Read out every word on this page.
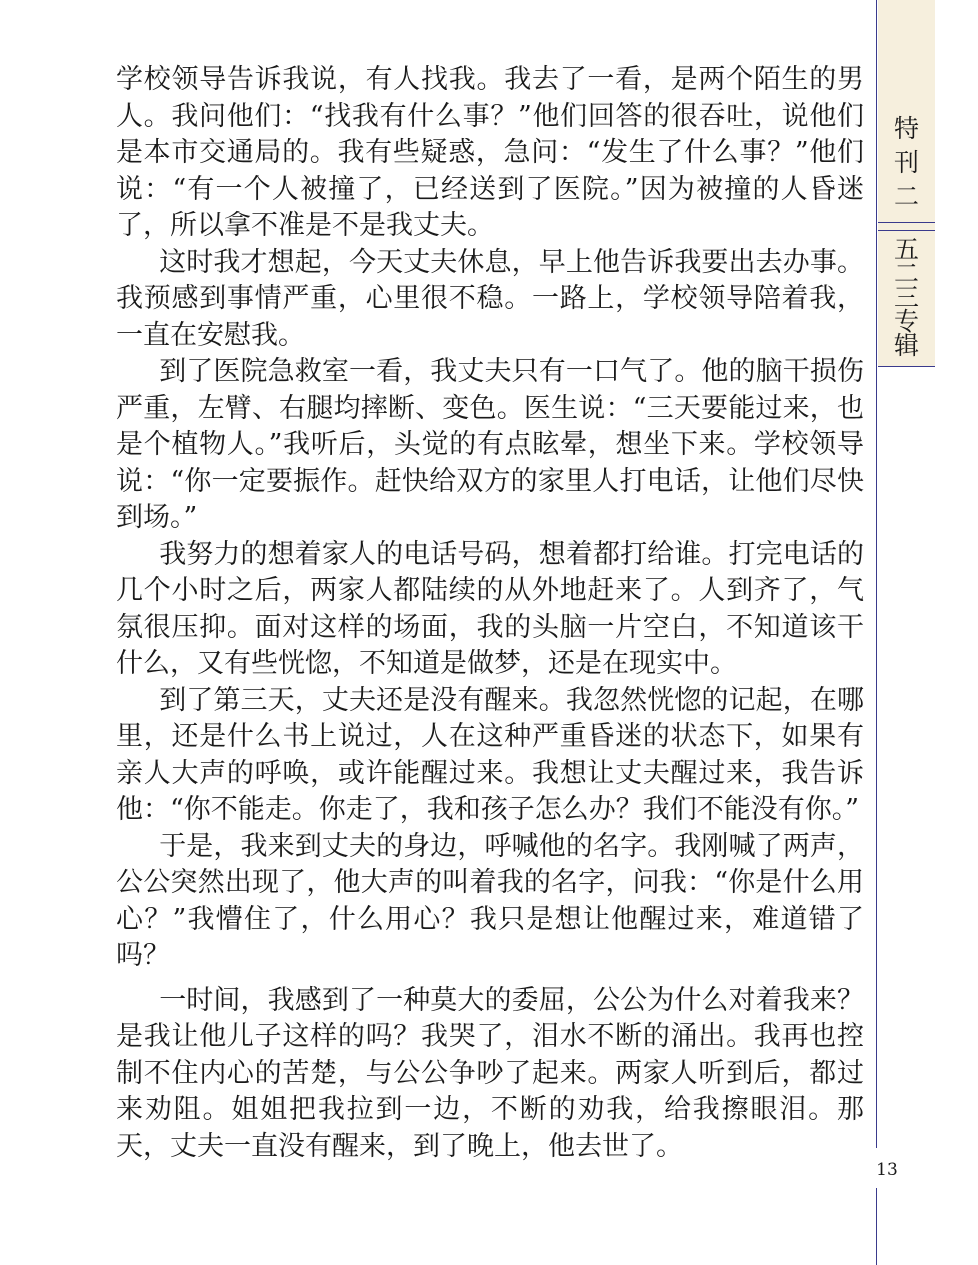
特
刊
二
五
二
三
专
辑

学校领导告诉我说，有人找我。我去了一看，是两个陌生的男人。我问他们：“找我有什么事？”他们回答的很吞吐，说他们是本市交通局的。我有些疑惑，急问：“发生了什么事？”他们说：“有一个人被撞了，已经送到了医院。”因为被撞的人昏迷了，所以拿不准是不是我丈夫。

这时我才想起，今天丈夫休息，早上他告诉我要出去办事。我预感到事情严重，心里很不稳。一路上，学校领导陪着我，一直在安慰我。

到了医院急救室一看，我丈夫只有一口气了。他的脑干损伤严重，左臂、右腿均摔断、变色。医生说：“三天要能过来，也是个植物人。”我听后，头觉的有点眩晕，想坐下来。学校领导说：“你一定要振作。赶快给双方的家里人打电话，让他们尽快到场。”

我努力的想着家人的电话号码，想着都打给谁。打完电话的几个小时之后，两家人都陆续的从外地赶来了。人到齐了，气氛很压抑。面对这样的场面，我的头脑一片空白，不知道该干什么，又有些恍惚，不知道是做梦，还是在现实中。

到了第三天，丈夫还是没有醒来。我忽然恍惚的记起，在哪里，还是什么书上说过，人在这种严重昏迷的状态下，如果有亲人大声的呼唤，或许能醒过来。我想让丈夫醒过来，我告诉他：“你不能走。你走了，我和孩子怎么办？我们不能没有你。”

于是，我来到丈夫的身边，呼喊他的名字。我刚喊了两声，公公突然出现了，他大声的叫着我的名字，问我：“你是什么用心？”我懵住了，什么用心？我只是想让他醒过来，难道错了吗？

一时间，我感到了一种莫大的委屈，公公为什么对着我来？是我让他儿子这样的吗？我哭了，泪水不断的涌出。我再也控制不住内心的苦楚，与公公争吵了起来。两家人听到后，都过来劝阻。姐姐把我拉到一边，不断的劝我，给我擦眼泪。那天，丈夫一直没有醒来，到了晚上，他去世了。

13
